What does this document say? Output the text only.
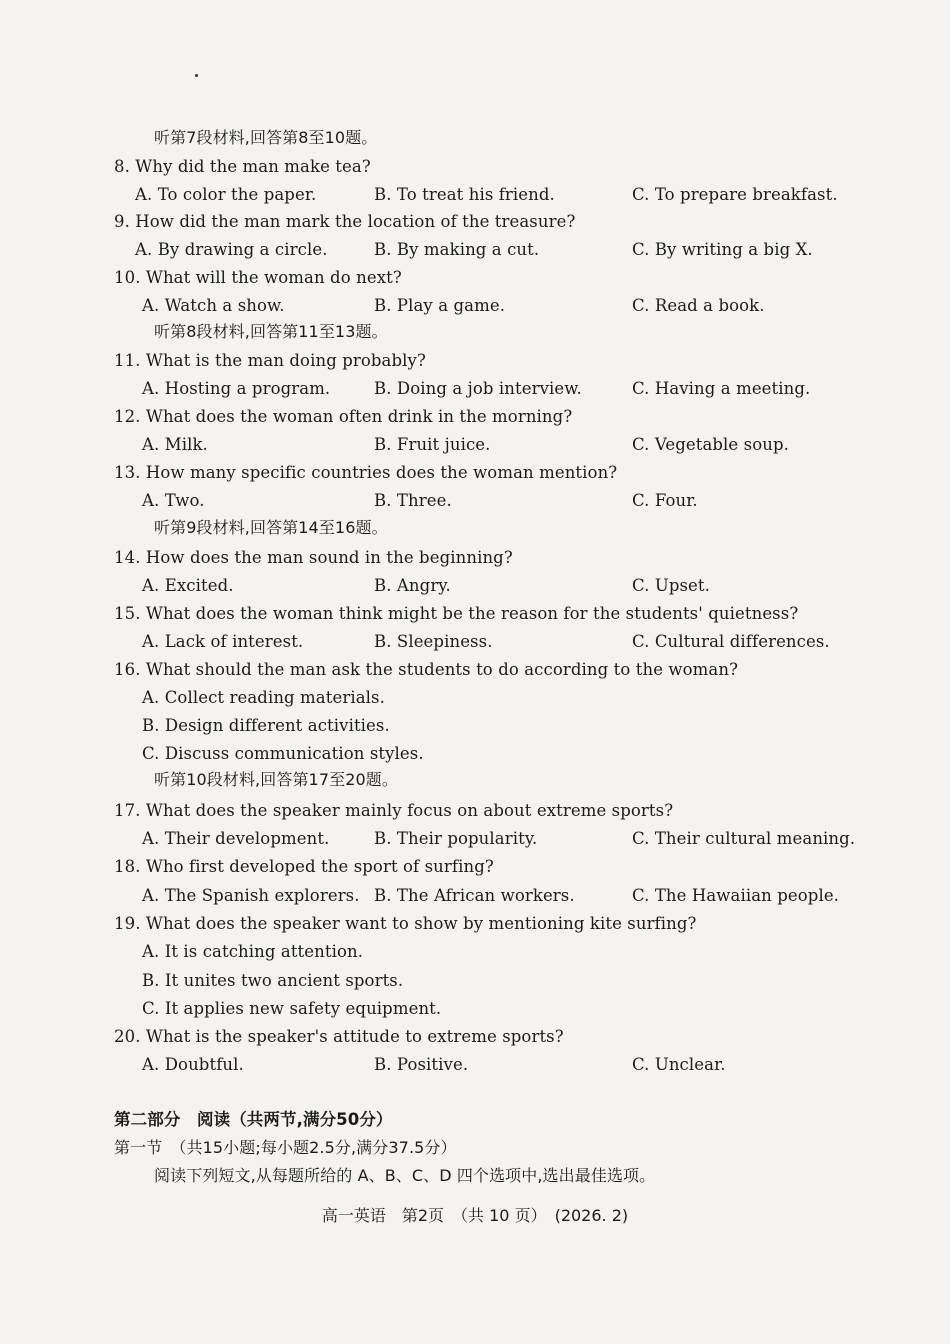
听第7段材料,回答第8至10题。
8. Why did the man make tea?
A. To color the paper.	B. To treat his friend.	C. To prepare breakfast.
9. How did the man mark the location of the treasure?
A. By drawing a circle.	B. By making a cut.	C. By writing a big X.
10. What will the woman do next?
A. Watch a show.	B. Play a game.	C. Read a book.
听第8段材料,回答第11至13题。
11. What is the man doing probably?
A. Hosting a program.	B. Doing a job interview.	C. Having a meeting.
12. What does the woman often drink in the morning?
A. Milk.	B. Fruit juice.	C. Vegetable soup.
13. How many specific countries does the woman mention?
A. Two.	B. Three.	C. Four.
听第9段材料,回答第14至16题。
14. How does the man sound in the beginning?
A. Excited.	B. Angry.	C. Upset.
15. What does the woman think might be the reason for the students' quietness?
A. Lack of interest.	B. Sleepiness.	C. Cultural differences.
16. What should the man ask the students to do according to the woman?
A. Collect reading materials.
B. Design different activities.
C. Discuss communication styles.
听第10段材料,回答第17至20题。
17. What does the speaker mainly focus on about extreme sports?
A. Their development.	B. Their popularity.	C. Their cultural meaning.
18. Who first developed the sport of surfing?
A. The Spanish explorers. B. The African workers.	C. The Hawaiian people.
19. What does the speaker want to show by mentioning kite surfing?
A. It is catching attention.
B. It unites two ancient sports.
C. It applies new safety equipment.
20. What is the speaker's attitude to extreme sports?
A. Doubtful.	B. Positive.	C. Unclear.
第二部分　阅读（共两节,满分50分）
第一节　（共15小题;每小题2.5分,满分37.5分）
阅读下列短文,从每题所给的 A、B、C、D 四个选项中,选出最佳选项。
高一英语　第2页　（共 10 页）　(2026. 2)
